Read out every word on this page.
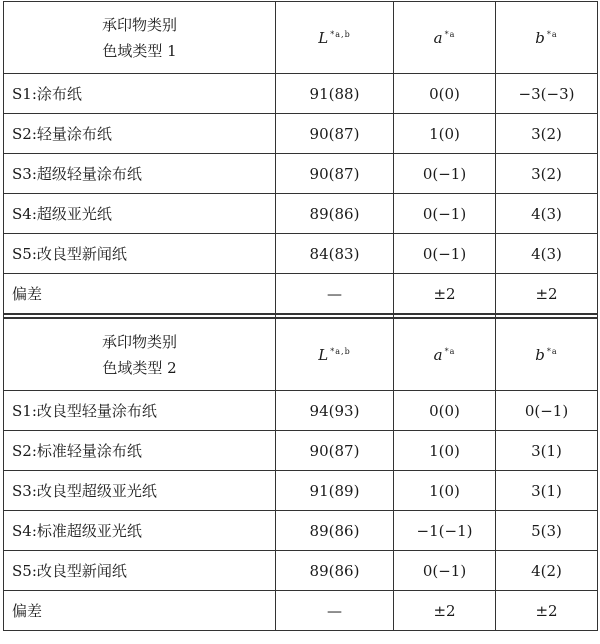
承印物类别
色域类型 1	L $^{*a,b}$	a $^{*a}$	b $^{*a}$
S1:涂布纸	91(88)	0(0)	−3(−3)
S2:轻量涂布纸	90(87)	1(0)	3(2)
S3:超级轻量涂布纸	90(87)	0(−1)	3(2)
S4:超级亚光纸	89(86)	0(−1)	4(3)
S5:改良型新闻纸	84(83)	0(−1)	4(3)
偏差	—	±2	±2

承印物类别
色域类型 2	L $^{*a,b}$	a $^{*a}$	b $^{*a}$
S1:改良型轻量涂布纸	94(93)	0(0)	0(−1)
S2:标准轻量涂布纸	90(87)	1(0)	3(1)
S3:改良型超级亚光纸	91(89)	1(0)	3(1)
S4:标准超级亚光纸	89(86)	−1(−1)	5(3)
S5:改良型新闻纸	89(86)	0(−1)	4(2)
偏差	—	±2	±2
